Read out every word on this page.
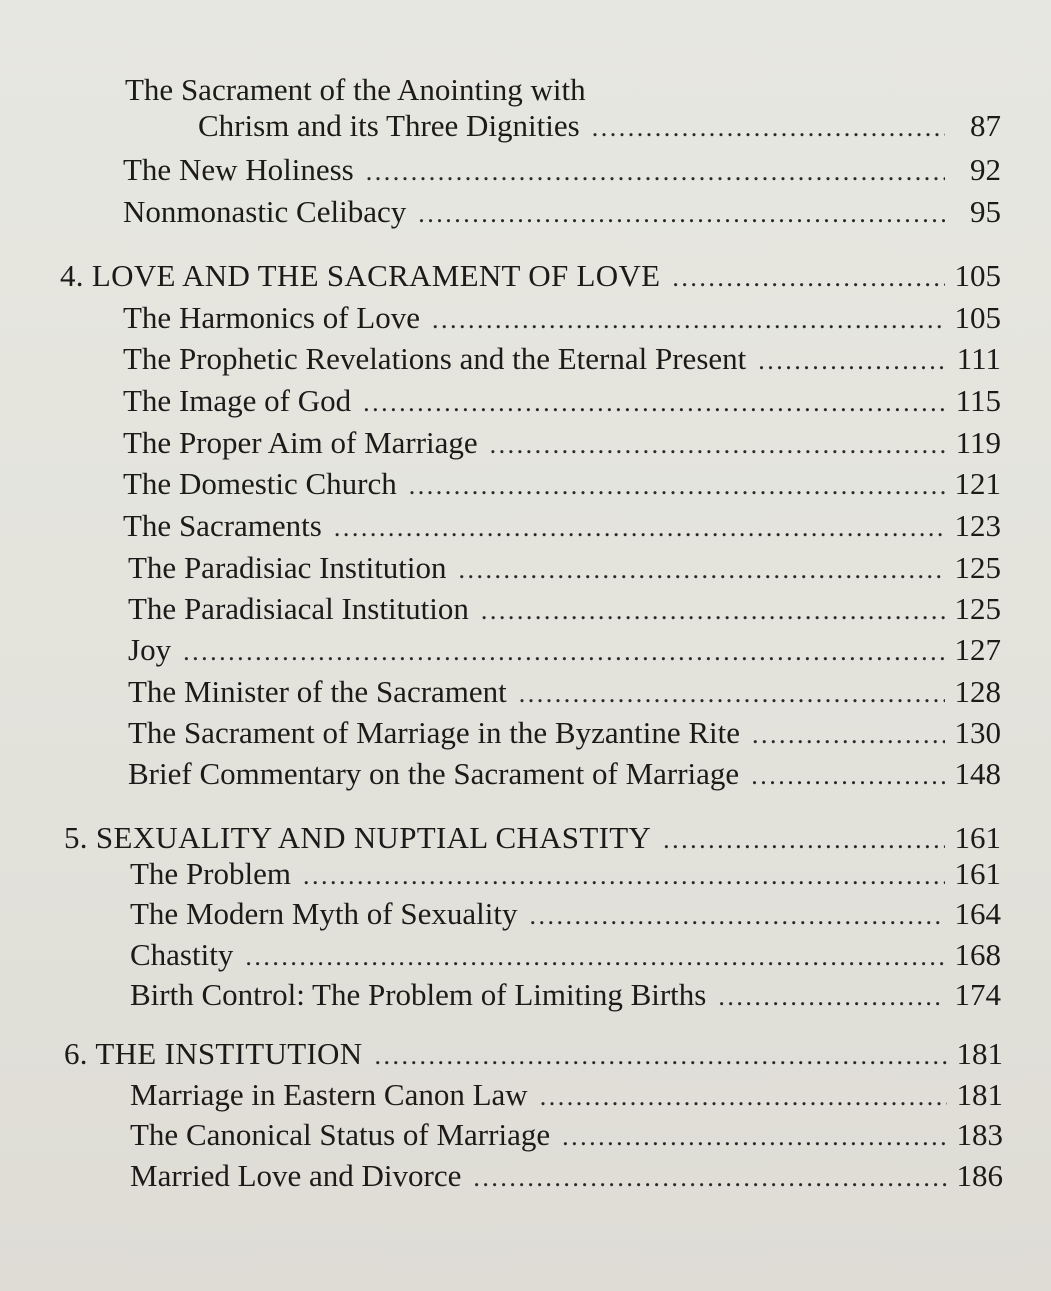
The Sacrament of the Anointing with
Chrism and its Three Dignities . . .	87
The New Holiness . . .	92
Nonmonastic Celibacy . . .	95
4. LOVE AND THE SACRAMENT OF LOVE . . .	105
The Harmonics of Love . . .	105
The Prophetic Revelations and the Eternal Present . . .	111
The Image of God . . .	115
The Proper Aim of Marriage . . .	119
The Domestic Church . . .	121
The Sacraments . . .	123
The Paradisiac Institution . . .	125
The Paradisiacal Institution . . .	125
Joy . . .	127
The Minister of the Sacrament . . .	128
The Sacrament of Marriage in the Byzantine Rite . . .	130
Brief Commentary on the Sacrament of Marriage . . .	148
5. SEXUALITY AND NUPTIAL CHASTITY . . .	161
The Problem . . .	161
The Modern Myth of Sexuality . . .	164
Chastity . . .	168
Birth Control: The Problem of Limiting Births . . .	174
6. THE INSTITUTION . . .	181
Marriage in Eastern Canon Law . . .	181
The Canonical Status of Marriage . . .	183
Married Love and Divorce . . .	186
